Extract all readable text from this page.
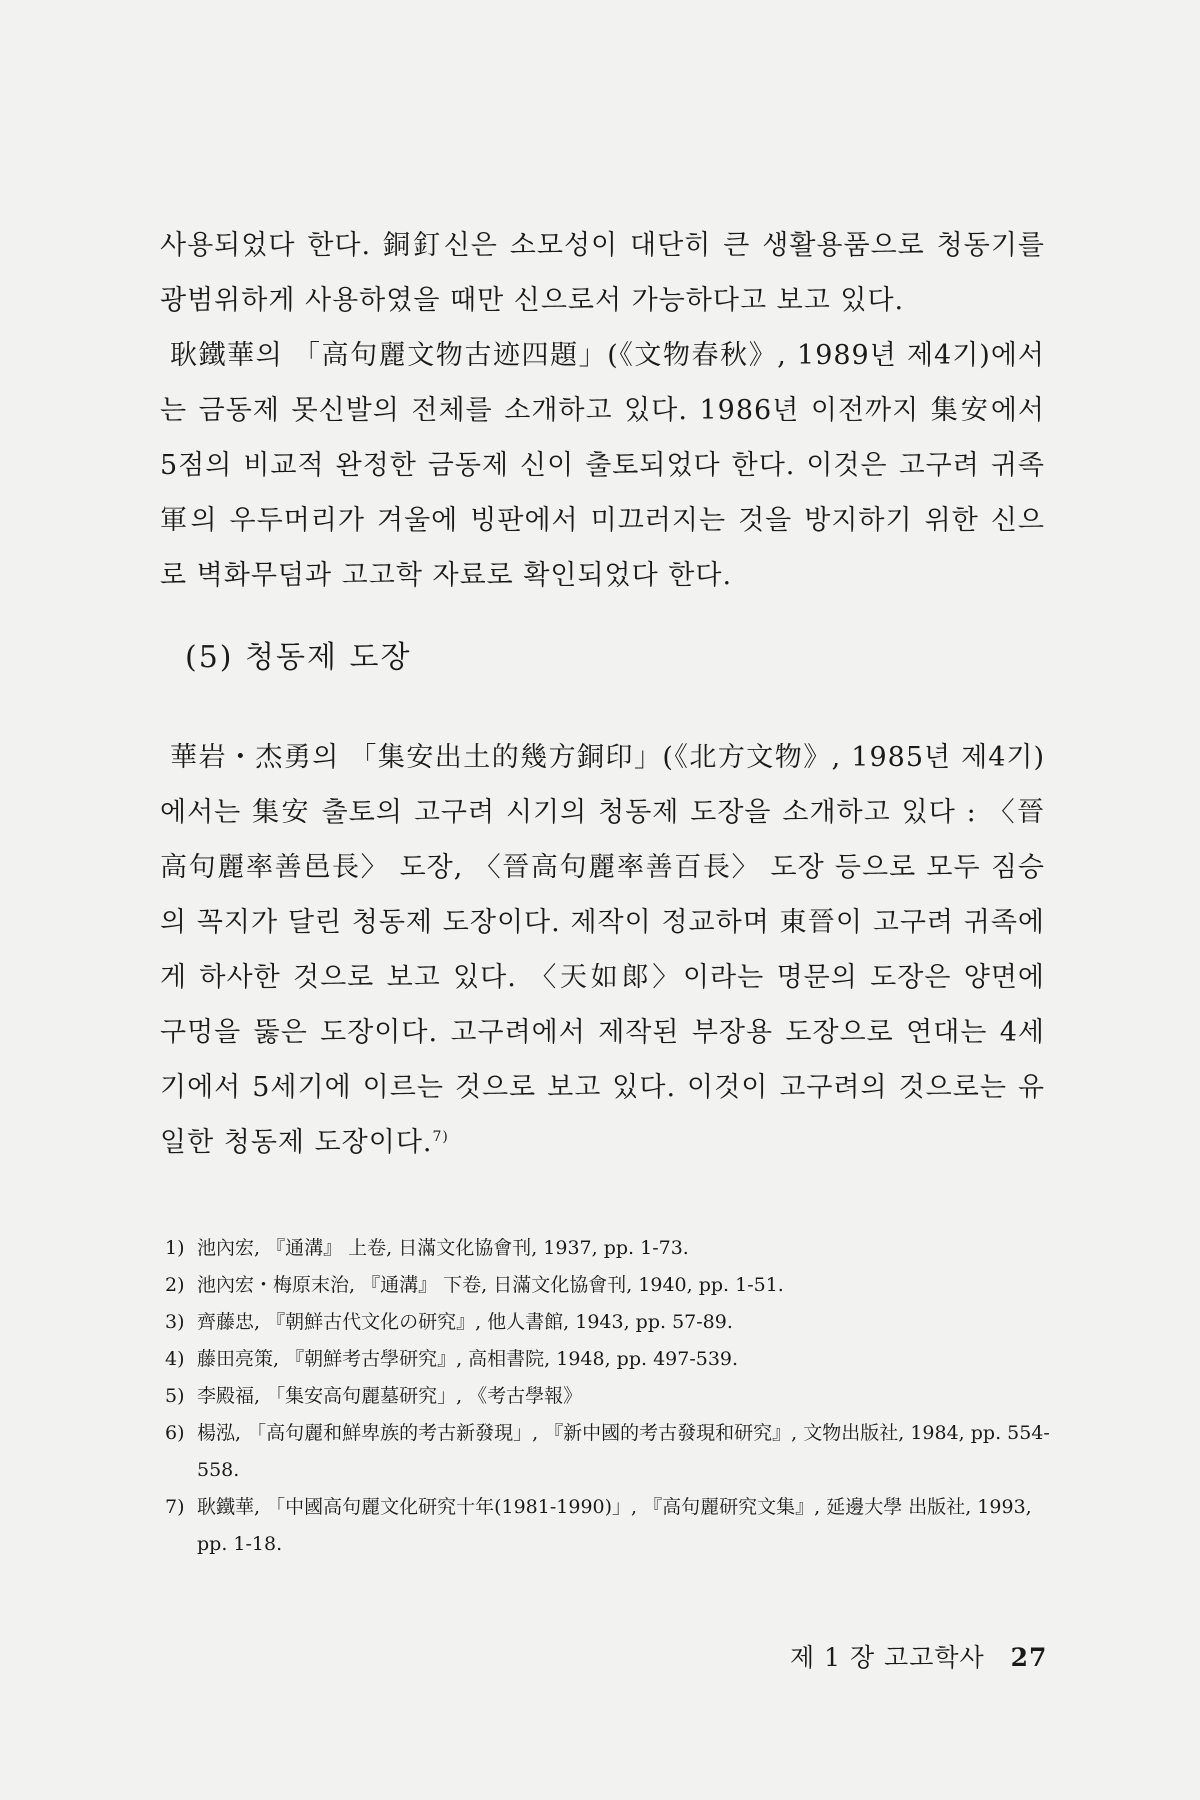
사용되었다 한다. 銅釘신은 소모성이 대단히 큰 생활용품으로 청동기를 광범위하게 사용하였을 때만 신으로서 가능하다고 보고 있다.

耿鐵華의 「高句麗文物古迹四題」(《文物春秋》, 1989년 제4기)에서는 금동제 못신발의 전체를 소개하고 있다. 1986년 이전까지 集安에서 5점의 비교적 완정한 금동제 신이 출토되었다 한다. 이것은 고구려 귀족軍의 우두머리가 겨울에 빙판에서 미끄러지는 것을 방지하기 위한 신으로 벽화무덤과 고고학 자료로 확인되었다 한다.

(5) 청동제 도장

華岩・杰勇의 「集安出土的幾方銅印」(《北方文物》, 1985년 제4기)에서는 集安 출토의 고구려 시기의 청동제 도장을 소개하고 있다 : 〈晉高句麗率善邑長〉 도장, 〈晉高句麗率善百長〉 도장 등으로 모두 짐승의 꼭지가 달린 청동제 도장이다. 제작이 정교하며 東晉이 고구려 귀족에게 하사한 것으로 보고 있다. 〈天如郞〉이라는 명문의 도장은 양면에 구멍을 뚫은 도장이다. 고구려에서 제작된 부장용 도장으로 연대는 4세기에서 5세기에 이르는 것으로 보고 있다. 이것이 고구려의 것으로는 유일한 청동제 도장이다.$^{7)}$

1) 池內宏, 『通溝』 上卷, 日滿文化協會刊, 1937, pp. 1-73.
2) 池內宏・梅原末治, 『通溝』 下卷, 日滿文化協會刊, 1940, pp. 1-51.
3) 齊藤忠, 『朝鮮古代文化の研究』, 他人書館, 1943, pp. 57-89.
4) 藤田亮策, 『朝鮮考古學研究』, 高相書院, 1948, pp. 497-539.
5) 李殿福, 「集安高句麗墓研究」, 《考古學報》
6) 楊泓, 「高句麗和鮮卑族的考古新發現」, 『新中國的考古發現和研究』, 文物出版社, 1984, pp. 554-558.
7) 耿鐵華, 「中國高句麗文化研究十年(1981-1990)」, 『高句麗研究文集』, 延邊大學 出版社, 1993, pp. 1-18.
제 1 장 고고학사 27
